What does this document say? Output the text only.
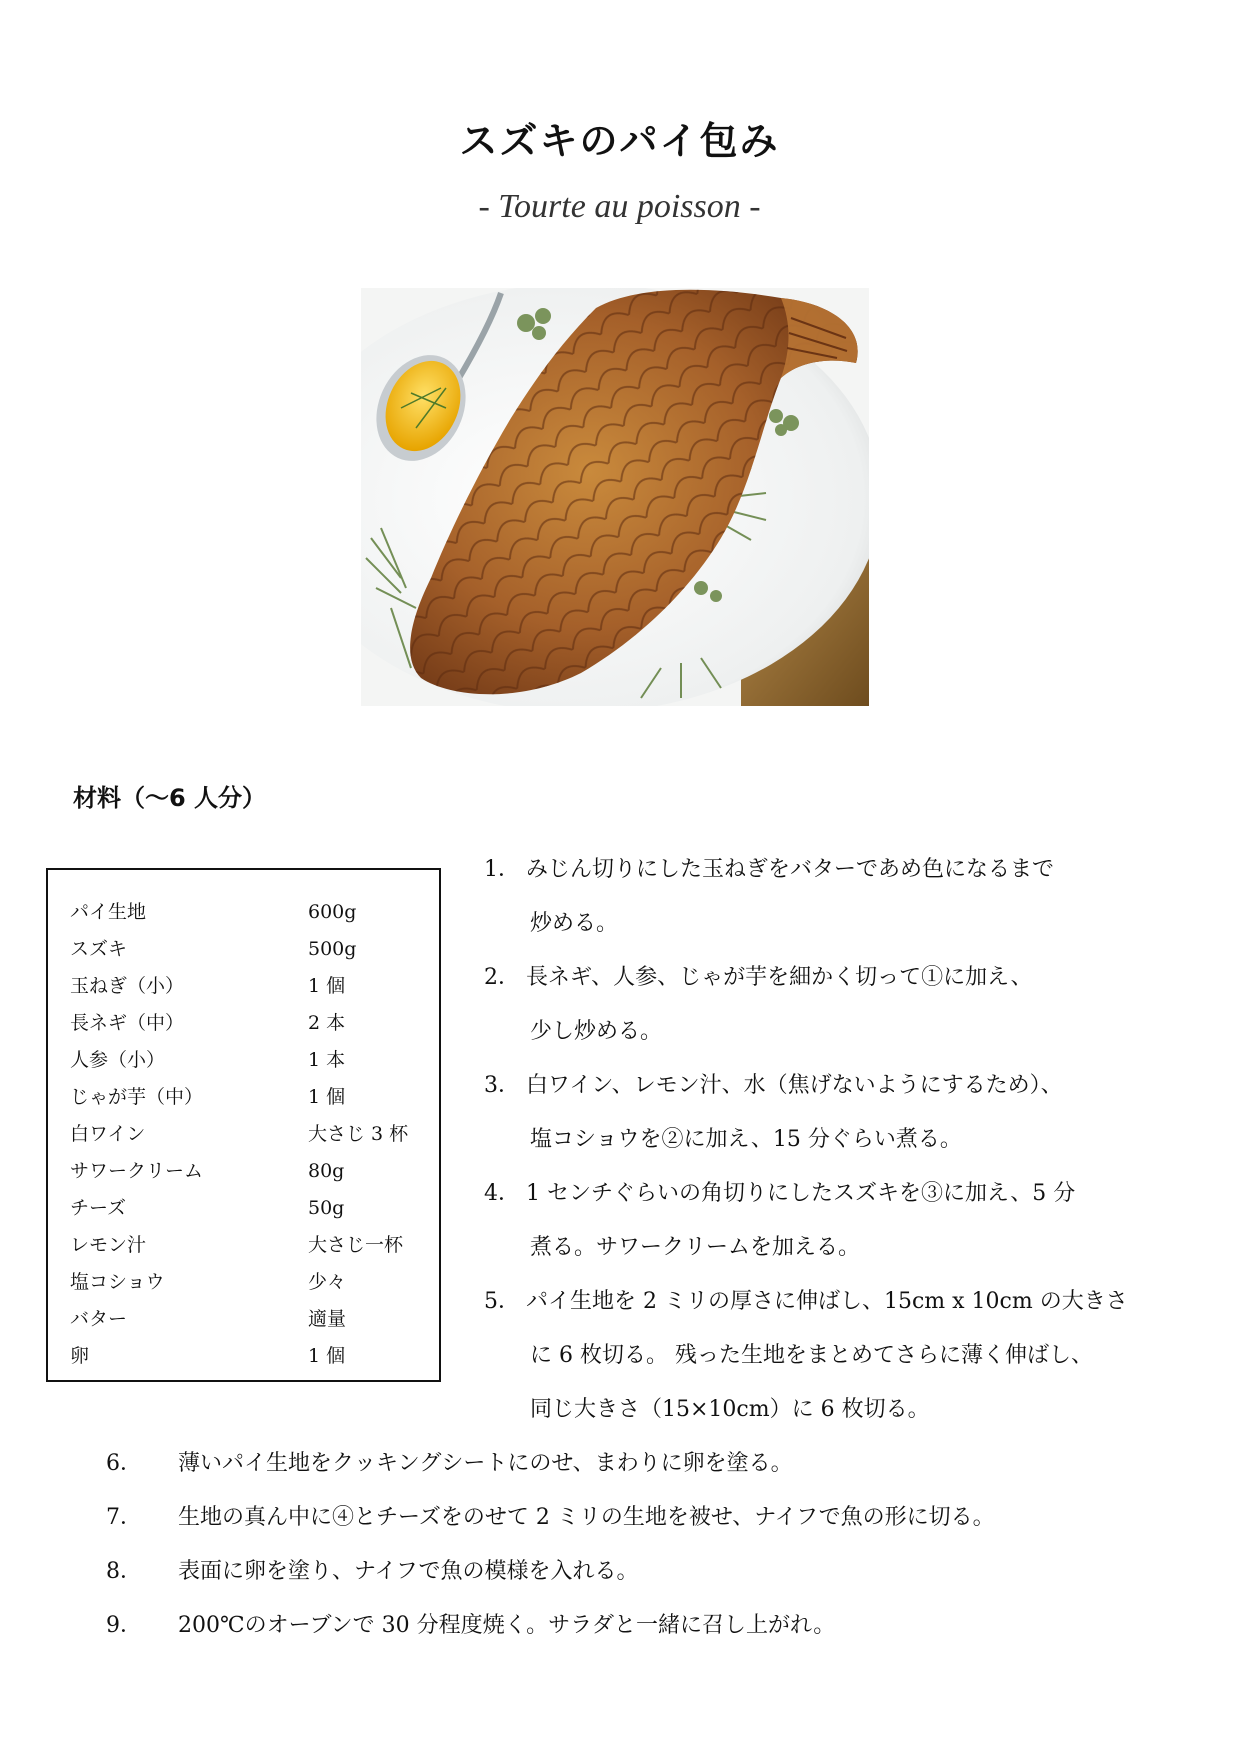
スズキのパイ包み

- Tourte au poisson -

材料（～6 人分）
パイ生地	600g
スズキ	500g
玉ねぎ（小）	1 個
長ネギ（中）	2 本
人参（小）	1 本
じゃが芋（中）	1 個
白ワイン	大さじ 3 杯
サワークリーム	80g
チーズ	50g
レモン汁	大さじ一杯
塩コショウ	少々
バター	適量
卵	1 個
1． みじん切りにした玉ねぎをバターであめ色になるまで
炒める。
2． 長ネギ、人参、じゃが芋を細かく切って①に加え、
少し炒める。
3． 白ワイン、レモン汁、水（焦げないようにするため）、
塩コショウを②に加え、15 分ぐらい煮る。
4． 1 センチぐらいの角切りにしたスズキを③に加え、5 分
煮る。サワークリームを加える。
5． パイ生地を 2 ミリの厚さに伸ばし、15cm x 10cm の大きさ
に 6 枚切る。 残った生地をまとめてさらに薄く伸ばし、
同じ大きさ（15×10cm）に 6 枚切る。
6． 薄いパイ生地をクッキングシートにのせ、まわりに卵を塗る。
7． 生地の真ん中に④とチーズをのせて 2 ミリの生地を被せ、ナイフで魚の形に切る。
8． 表面に卵を塗り、ナイフで魚の模様を入れる。
9． 200℃のオーブンで 30 分程度焼く。サラダと一緒に召し上がれ。
